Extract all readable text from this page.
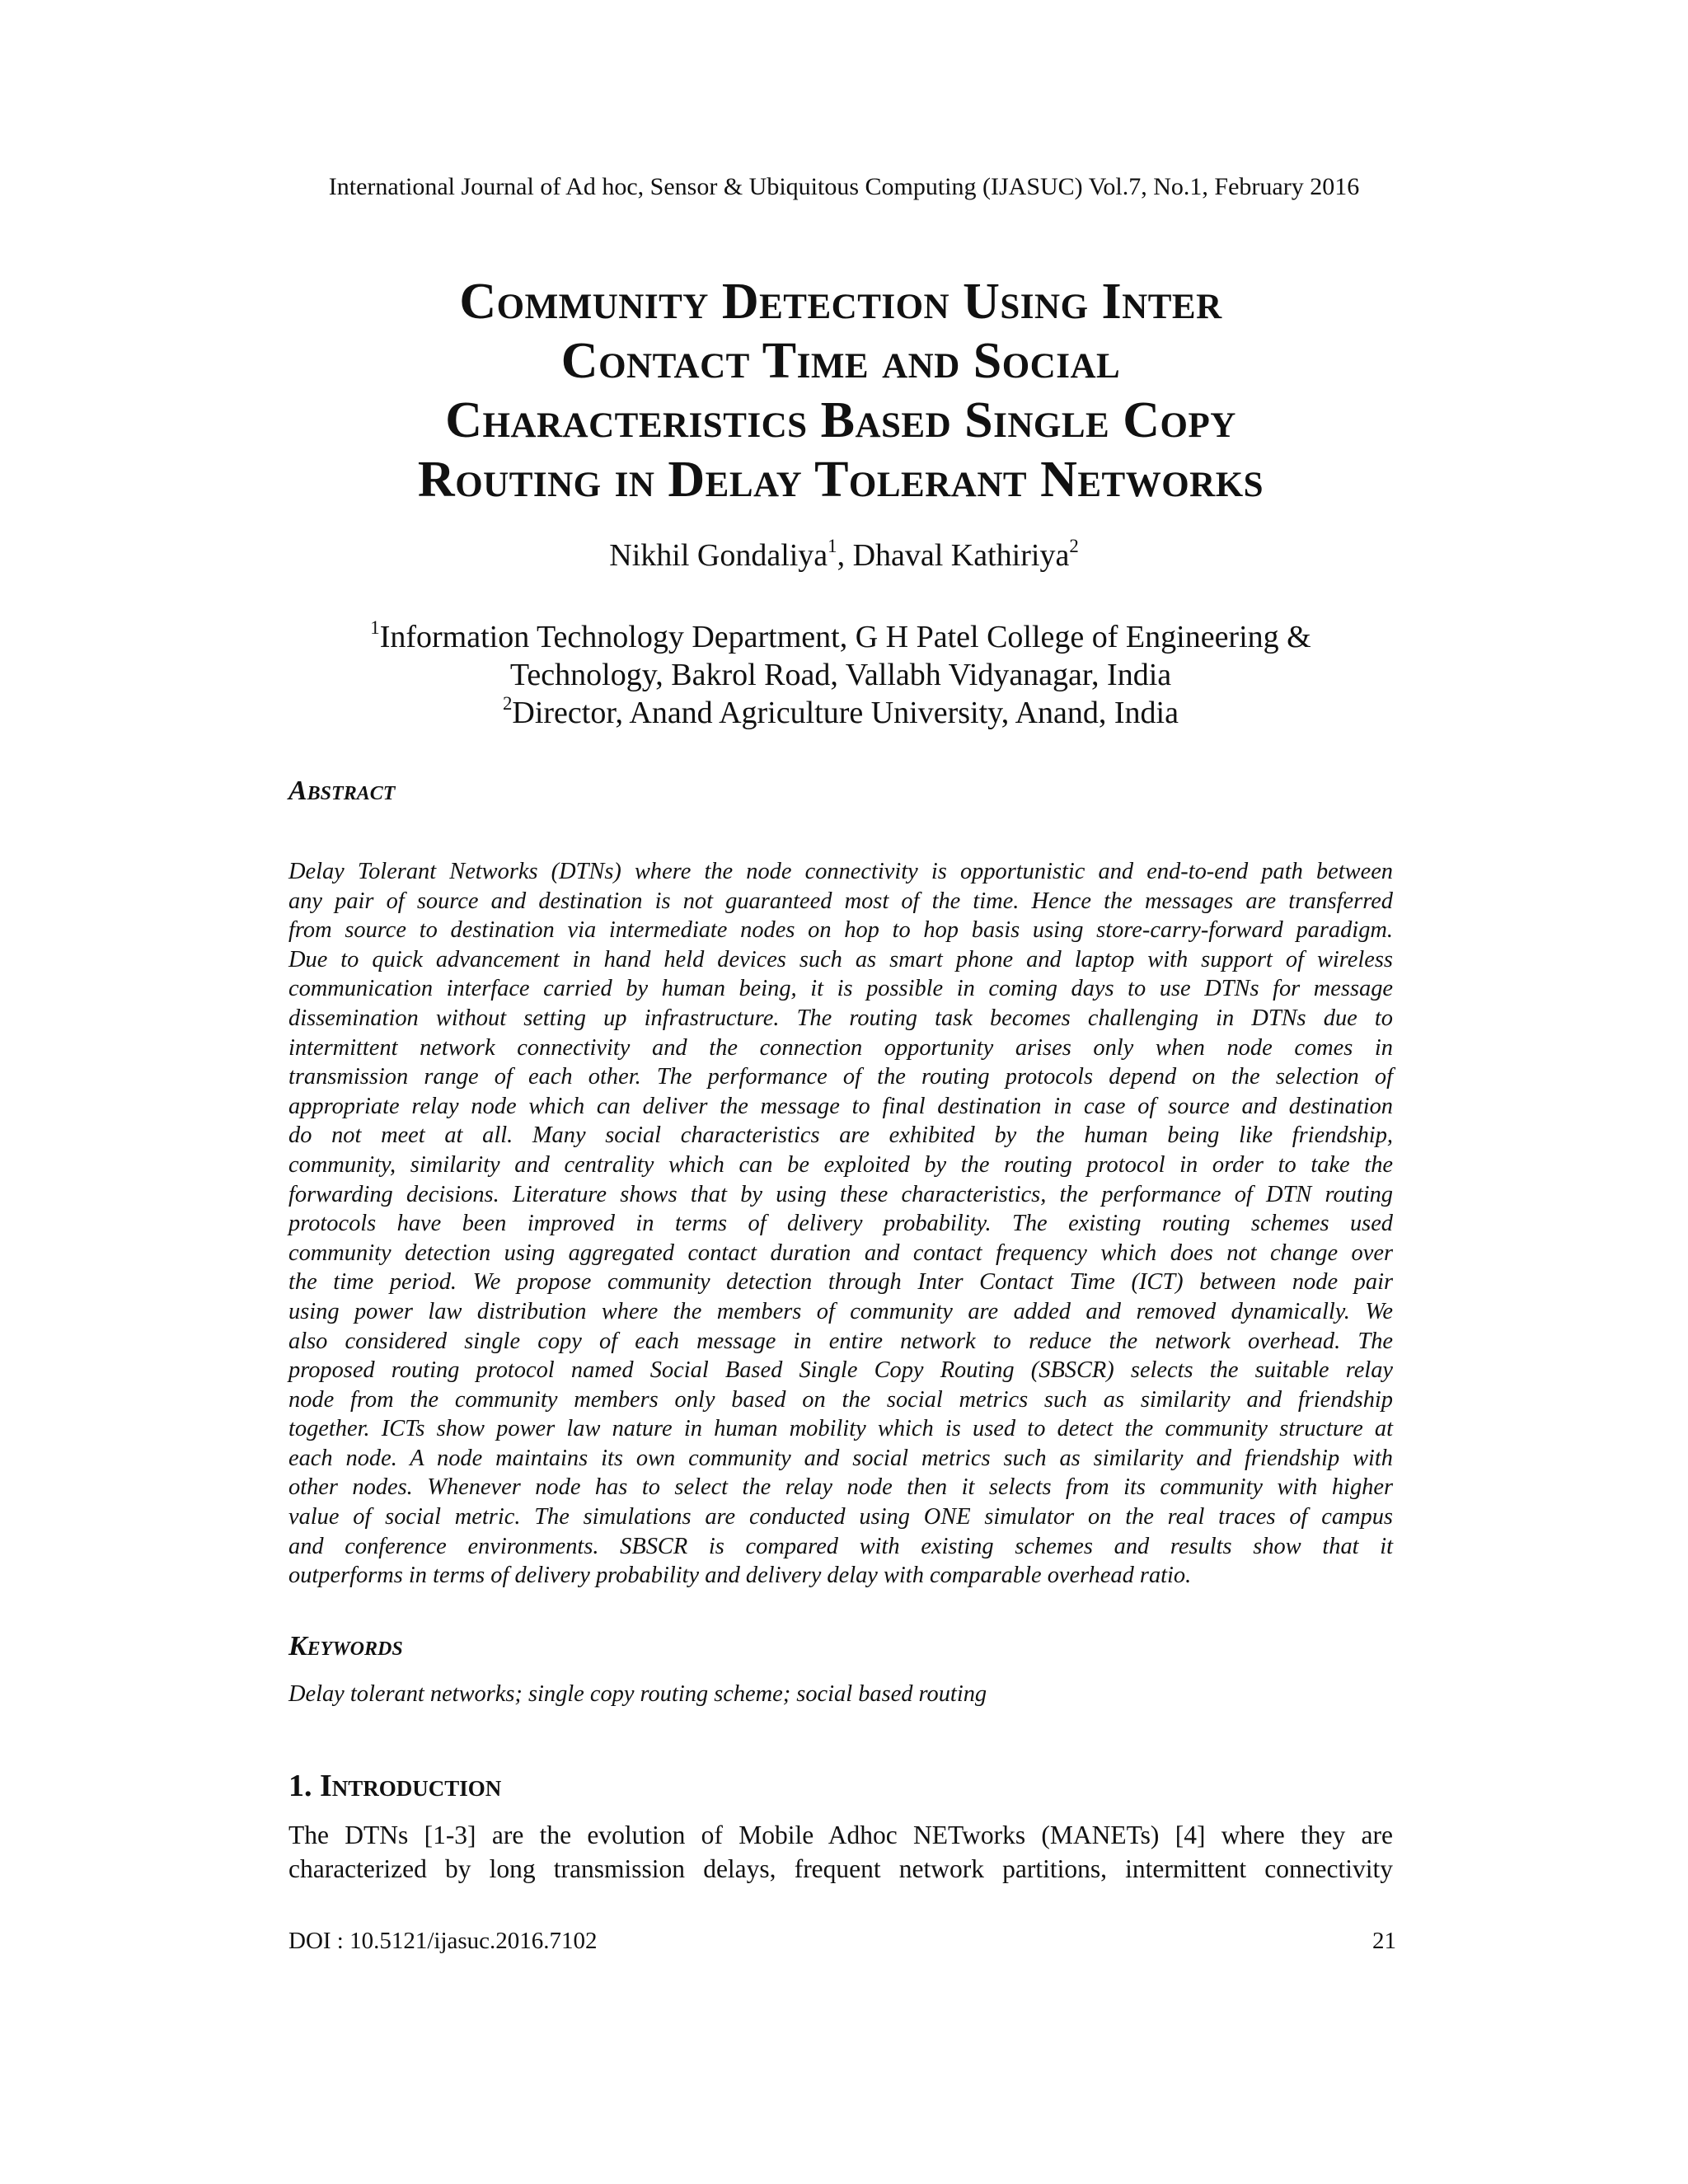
International Journal of Ad hoc, Sensor & Ubiquitous Computing (IJASUC) Vol.7, No.1, February 2016
Community Detection Using Inter
Contact Time and Social
Characteristics Based Single Copy
Routing in Delay Tolerant Networks
Nikhil Gondaliya$^1$, Dhaval Kathiriya$^2$
$^1$Information Technology Department, G H Patel College of Engineering &
Technology, Bakrol Road, Vallabh Vidyanagar, India
$^2$Director, Anand Agriculture University, Anand, India
Abstract
Delay Tolerant Networks (DTNs) where the node connectivity is opportunistic and end-to-end path between
any pair of source and destination is not guaranteed most of the time. Hence the messages are transferred
from source to destination via intermediate nodes on hop to hop basis using store-carry-forward paradigm.
Due to quick advancement in hand held devices such as smart phone and laptop with support of wireless
communication interface carried by human being, it is possible in coming days to use DTNs for message
dissemination without setting up infrastructure. The routing task becomes challenging in DTNs due to
intermittent network connectivity and the connection opportunity arises only when node comes in
transmission range of each other. The performance of the routing protocols depend on the selection of
appropriate relay node which can deliver the message to final destination in case of source and destination
do not meet at all. Many social characteristics are exhibited by the human being like friendship,
community, similarity and centrality which can be exploited by the routing protocol in order to take the
forwarding decisions. Literature shows that by using these characteristics, the performance of DTN routing
protocols have been improved in terms of delivery probability. The existing routing schemes used
community detection using aggregated contact duration and contact frequency which does not change over
the time period. We propose community detection through Inter Contact Time (ICT) between node pair
using power law distribution where the members of community are added and removed dynamically. We
also considered single copy of each message in entire network to reduce the network overhead. The
proposed routing protocol named Social Based Single Copy Routing (SBSCR) selects the suitable relay
node from the community members only based on the social metrics such as similarity and friendship
together. ICTs show power law nature in human mobility which is used to detect the community structure at
each node. A node maintains its own community and social metrics such as similarity and friendship with
other nodes. Whenever node has to select the relay node then it selects from its community with higher
value of social metric. The simulations are conducted using ONE simulator on the real traces of campus
and conference environments. SBSCR is compared with existing schemes and results show that it
outperforms in terms of delivery probability and delivery delay with comparable overhead ratio.
Keywords
Delay tolerant networks; single copy routing scheme; social based routing
1. Introduction
The DTNs [1-3] are the evolution of Mobile Adhoc NETworks (MANETs) [4] where they are
characterized by long transmission delays, frequent network partitions, intermittent connectivity
DOI : 10.5121/ijasuc.2016.7102	21
